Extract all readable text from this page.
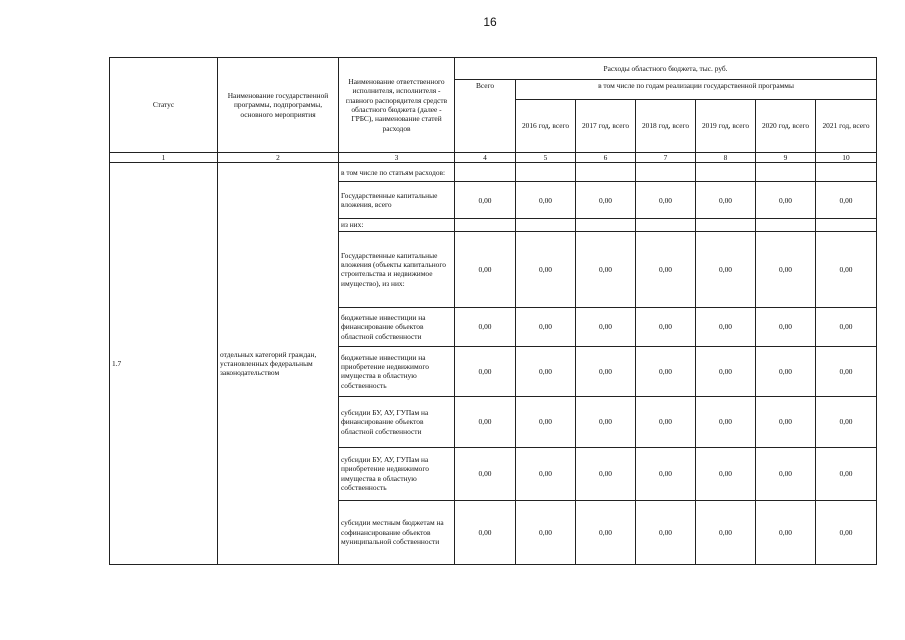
16
Статус	Наименование государственной программы, подпрограммы, основного мероприятия	Наименование ответственного исполнителя, исполнителя - главного распорядителя средств областного бюджета (далее - ГРБС), наименование статей расходов	Расходы областного бюджета, тыс. руб.						
			Всего	в том числе по годам реализации государственной программы					
				2016 год, всего	2017 год, всего	2018 год, всего	2019 год, всего	2020 год, всего	2021 год, всего
1	2	3	4	5	6	7	8	9	10
1.7	отдельных категорий граждан, установленных федеральным законодательством	в том числе по статьям расходов:							
		Государственные капитальные вложения, всего	0,00	0,00	0,00	0,00	0,00	0,00	0,00
		из них:							
		Государственные капитальные вложения (объекты капитального строительства и недвижимое имущество), из них:	0,00	0,00	0,00	0,00	0,00	0,00	0,00
		бюджетные инвестиции на финансирование объектов областной собственности	0,00	0,00	0,00	0,00	0,00	0,00	0,00
		бюджетные инвестиции на приобретение недвижимого имущества в областную собственность	0,00	0,00	0,00	0,00	0,00	0,00	0,00
		субсидии БУ, АУ, ГУПам на финансирование объектов областной собственности	0,00	0,00	0,00	0,00	0,00	0,00	0,00
		субсидии БУ, АУ, ГУПам на приобретение недвижимого имущества в областную собственность	0,00	0,00	0,00	0,00	0,00	0,00	0,00
		субсидии местным бюджетам на софинансирование объектов муниципальной собственности	0,00	0,00	0,00	0,00	0,00	0,00	0,00
